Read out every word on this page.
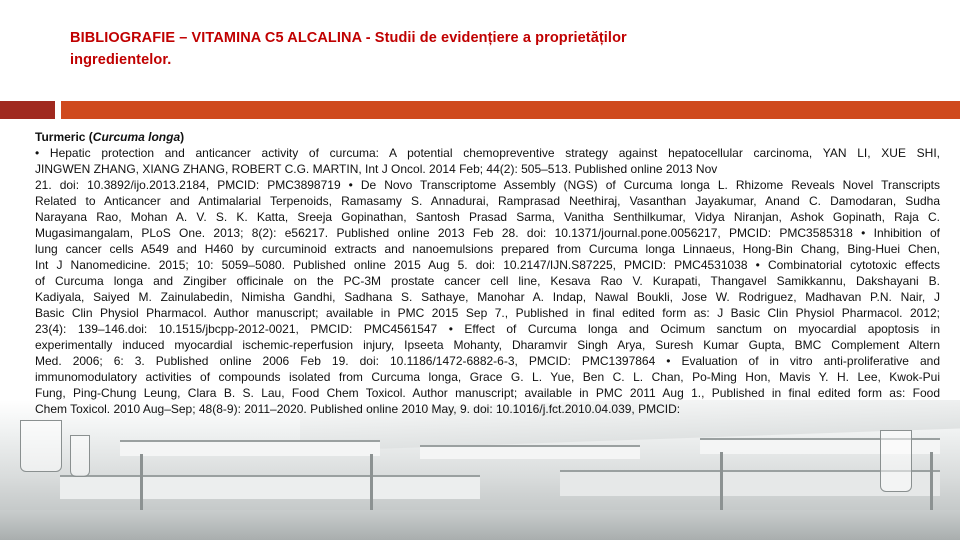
BIBLIOGRAFIE – VITAMINA C5 ALCALINA - Studii de evidențiere a proprietăților
ingredientelor.
Turmeric (Curcuma longa)
• Hepatic protection and anticancer activity of curcuma: A potential chemopreventive strategy against hepatocellular carcinoma, YAN LI, XUE SHI,
JINGWEN ZHANG, XIANG ZHANG, ROBERT C.G. MARTIN, Int J Oncol. 2014 Feb; 44(2): 505–513. Published online 2013 Nov
21. doi: 10.3892/ijo.2013.2184, PMCID: PMC3898719 • De Novo Transcriptome Assembly (NGS) of Curcuma longa L. Rhizome Reveals Novel Transcripts
Related to Anticancer and Antimalarial Terpenoids, Ramasamy S. Annadurai, Ramprasad Neethiraj, Vasanthan Jayakumar, Anand C. Damodaran, Sudha
Narayana Rao, Mohan A. V. S. K. Katta, Sreeja Gopinathan, Santosh Prasad Sarma, Vanitha Senthilkumar, Vidya Niranjan, Ashok Gopinath, Raja C.
Mugasimangalam, PLoS One. 2013; 8(2): e56217. Published online 2013 Feb 28. doi: 10.1371/journal.pone.0056217, PMCID: PMC3585318 • Inhibition of
lung cancer cells A549 and H460 by curcuminoid extracts and nanoemulsions prepared from Curcuma longa Linnaeus, Hong-Bin Chang, Bing-Huei Chen,
Int J Nanomedicine. 2015; 10: 5059–5080. Published online 2015 Aug 5. doi: 10.2147/IJN.S87225, PMCID: PMC4531038 • Combinatorial cytotoxic effects
of Curcuma longa and Zingiber officinale on the PC-3M prostate cancer cell line, Kesava Rao V. Kurapati, Thangavel Samikkannu, Dakshayani B.
Kadiyala, Saiyed M. Zainulabedin, Nimisha Gandhi, Sadhana S. Sathaye, Manohar A. Indap, Nawal Boukli, Jose W. Rodriguez, Madhavan P.N. Nair, J
Basic Clin Physiol Pharmacol. Author manuscript; available in PMC 2015 Sep 7., Published in final edited form as: J Basic Clin Physiol Pharmacol. 2012;
23(4): 139–146.doi: 10.1515/jbcpp-2012-0021, PMCID: PMC4561547 • Effect of Curcuma longa and Ocimum sanctum on myocardial apoptosis in
experimentally induced myocardial ischemic-reperfusion injury, Ipseeta Mohanty, Dharamvir Singh Arya, Suresh Kumar Gupta, BMC Complement Altern
Med. 2006; 6: 3. Published online 2006 Feb 19. doi: 10.1186/1472-6882-6-3, PMCID: PMC1397864 • Evaluation of in vitro anti-proliferative and
immunomodulatory activities of compounds isolated from Curcuma longa, Grace G. L. Yue, Ben C. L. Chan, Po-Ming Hon, Mavis Y. H. Lee, Kwok-Pui
Fung, Ping-Chung Leung, Clara B. S. Lau, Food Chem Toxicol. Author manuscript; available in PMC 2011 Aug 1., Published in final edited form as: Food
Chem Toxicol. 2010 Aug–Sep; 48(8-9): 2011–2020. Published online 2010 May, 9. doi: 10.1016/j.fct.2010.04.039, PMCID:
